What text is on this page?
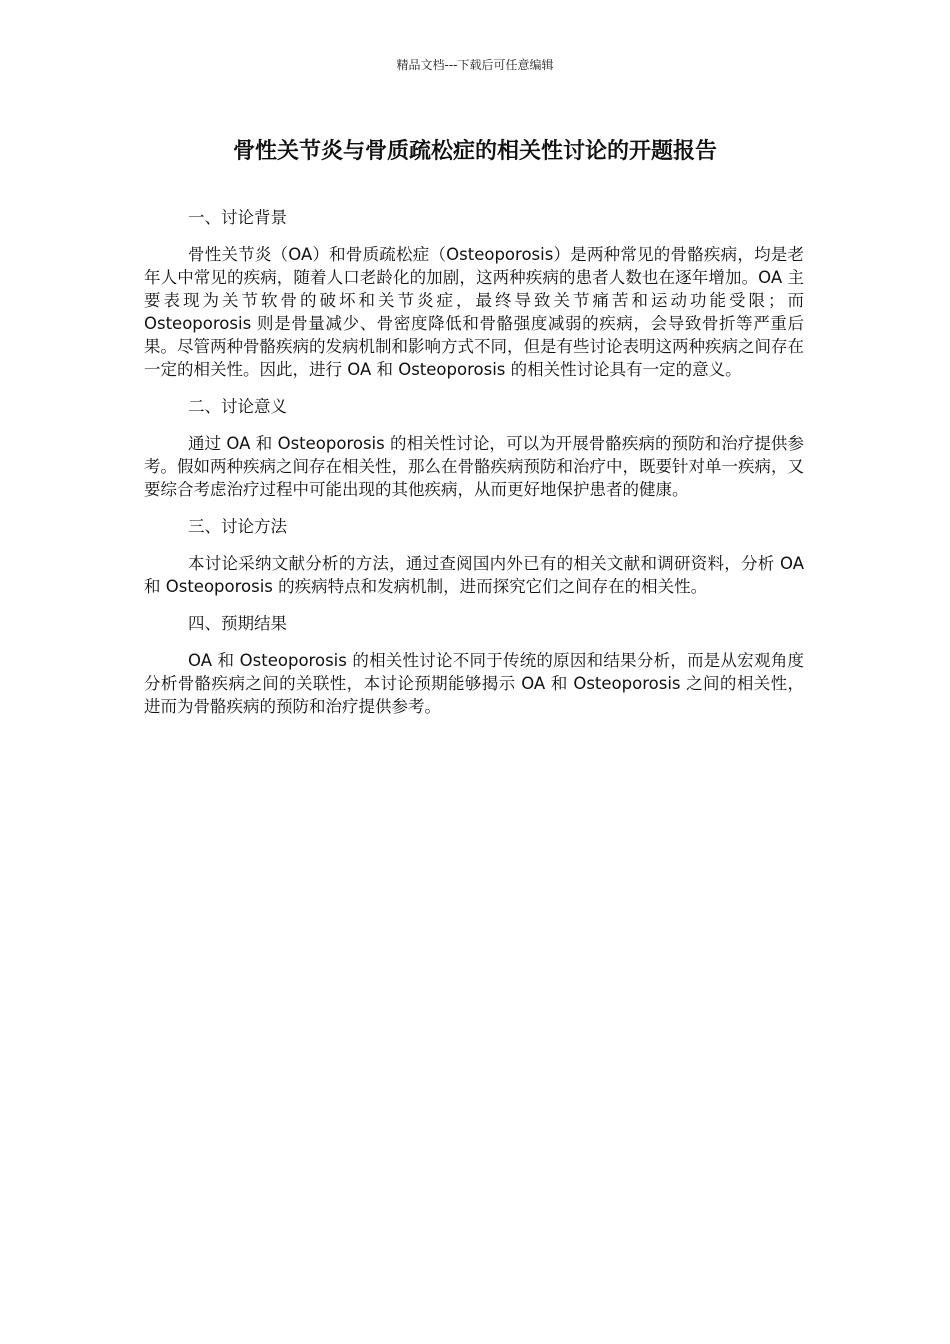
精品文档---下载后可任意编辑
骨性关节炎与骨质疏松症的相关性讨论的开题报告

一、讨论背景

骨性关节炎（OA）和骨质疏松症（Osteoporosis）是两种常见的骨骼疾病，均是老年人中常见的疾病，随着人口老龄化的加剧，这两种疾病的患者人数也在逐年增加。OA 主要表现为关节软骨的破坏和关节炎症，最终导致关节痛苦和运动功能受限；而 Osteoporosis 则是骨量减少、骨密度降低和骨骼强度减弱的疾病，会导致骨折等严重后果。尽管两种骨骼疾病的发病机制和影响方式不同，但是有些讨论表明这两种疾病之间存在一定的相关性。因此，进行 OA 和 Osteoporosis 的相关性讨论具有一定的意义。

二、讨论意义

通过 OA 和 Osteoporosis 的相关性讨论，可以为开展骨骼疾病的预防和治疗提供参考。假如两种疾病之间存在相关性，那么在骨骼疾病预防和治疗中，既要针对单一疾病，又要综合考虑治疗过程中可能出现的其他疾病，从而更好地保护患者的健康。

三、讨论方法

本讨论采纳文献分析的方法，通过查阅国内外已有的相关文献和调研资料，分析 OA 和 Osteoporosis 的疾病特点和发病机制，进而探究它们之间存在的相关性。

四、预期结果

OA 和 Osteoporosis 的相关性讨论不同于传统的原因和结果分析，而是从宏观角度分析骨骼疾病之间的关联性，本讨论预期能够揭示 OA 和 Osteoporosis 之间的相关性，进而为骨骼疾病的预防和治疗提供参考。
